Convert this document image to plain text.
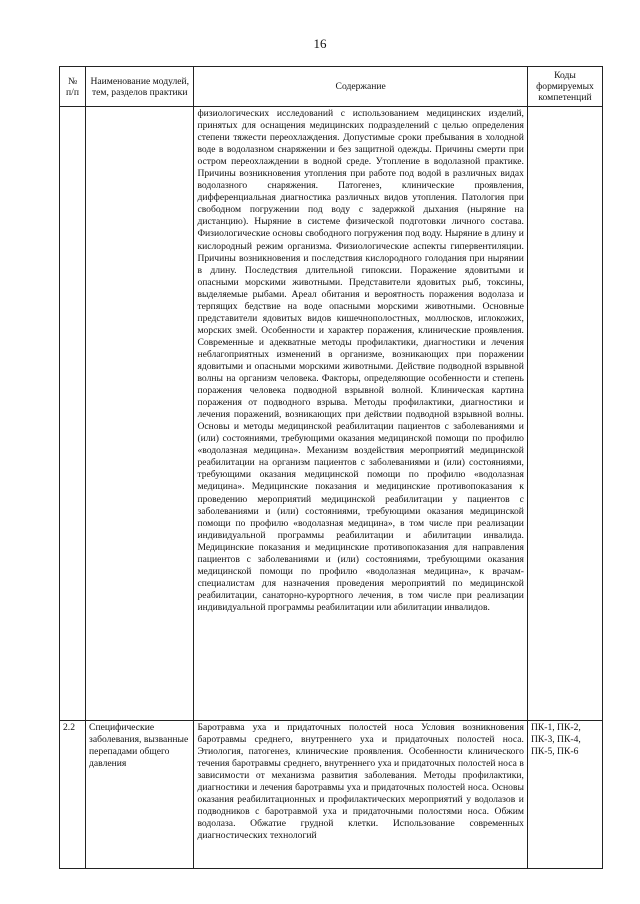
16
№ п/п	Наименование модулей, тем, разделов практики	Содержание	Коды формируемых компетенций

		физиологических исследований с использованием медицинских изделий, принятых для оснащения медицинских подразделений с целью определения степени тяжести переохлаждения. Допустимые сроки пребывания в холодной воде в водолазном снаряжении и без защитной одежды. Причины смерти при остром переохлаждении в водной среде. Утопление в водолазной практике. Причины возникновения утопления при работе под водой в различных видах водолазного снаряжения. Патогенез, клинические проявления, дифференциальная диагностика различных видов утопления. Патология при свободном погружении под воду с задержкой дыхания (ныряние на дистанцию). Ныряние в системе физической подготовки личного состава. Физиологические основы свободного погружения под воду. Ныряние в длину и кислородный режим организма. Физиологические аспекты гипервентиляции. Причины возникновения и последствия кислородного голодания при нырянии в длину. Последствия длительной гипоксии. Поражение ядовитыми и опасными морскими животными. Представители ядовитых рыб, токсины, выделяемые рыбами. Ареал обитания и вероятность поражения водолаза и терпящих бедствие на воде опасными морскими животными. Основные представители ядовитых видов кишечнополостных, моллюсков, иглокожих, морских змей. Особенности и характер поражения, клинические проявления. Современные и адекватные методы профилактики, диагностики и лечения неблагоприятных изменений в организме, возникающих при поражении ядовитыми и опасными морскими животными. Действие подводной взрывной волны на организм человека. Факторы, определяющие особенности и степень поражения человека подводной взрывной волной. Клиническая картина поражения от подводного взрыва. Методы профилактики, диагностики и лечения поражений, возникающих при действии подводной взрывной волны. Основы и методы медицинской реабилитации пациентов с заболеваниями и (или) состояниями, требующими оказания медицинской помощи по профилю «водолазная медицина». Механизм воздействия мероприятий медицинской реабилитации на организм пациентов с заболеваниями и (или) состояниями, требующими оказания медицинской помощи по профилю «водолазная медицина». Медицинские показания и медицинские противопоказания к проведению мероприятий медицинской реабилитации у пациентов с заболеваниями и (или) состояниями, требующими оказания медицинской помощи по профилю «водолазная медицина», в том числе при реализации индивидуальной программы реабилитации и абилитации инвалида. Медицинские показания и медицинские противопоказания для направления пациентов с заболеваниями и (или) состояниями, требующими оказания медицинской помощи по профилю «водолазная медицина», к врачам-специалистам для назначения проведения мероприятий по медицинской реабилитации, санаторно-курортного лечения, в том числе при реализации индивидуальной программы реабилитации или абилитации инвалидов.	

2.2	Специфические заболевания, вызванные перепадами общего давления	Баротравма уха и придаточных полостей носа Условия возникновения баротравмы среднего, внутреннего уха и придаточных полостей носа. Этиология, патогенез, клинические проявления. Особенности клинического течения баротравмы среднего, внутреннего уха и придаточных полостей носа в зависимости от механизма развития заболевания. Методы профилактики, диагностики и лечения баротравмы уха и придаточных полостей носа. Основы оказания реабилитационных и профилактических мероприятий у водолазов и подводников с баротравмой уха и придаточными полостями носа. Обжим водолаза. Обжатие грудной клетки. Использование современных диагностических технологий	ПК-1, ПК-2, ПК-3, ПК-4, ПК-5, ПК-6
